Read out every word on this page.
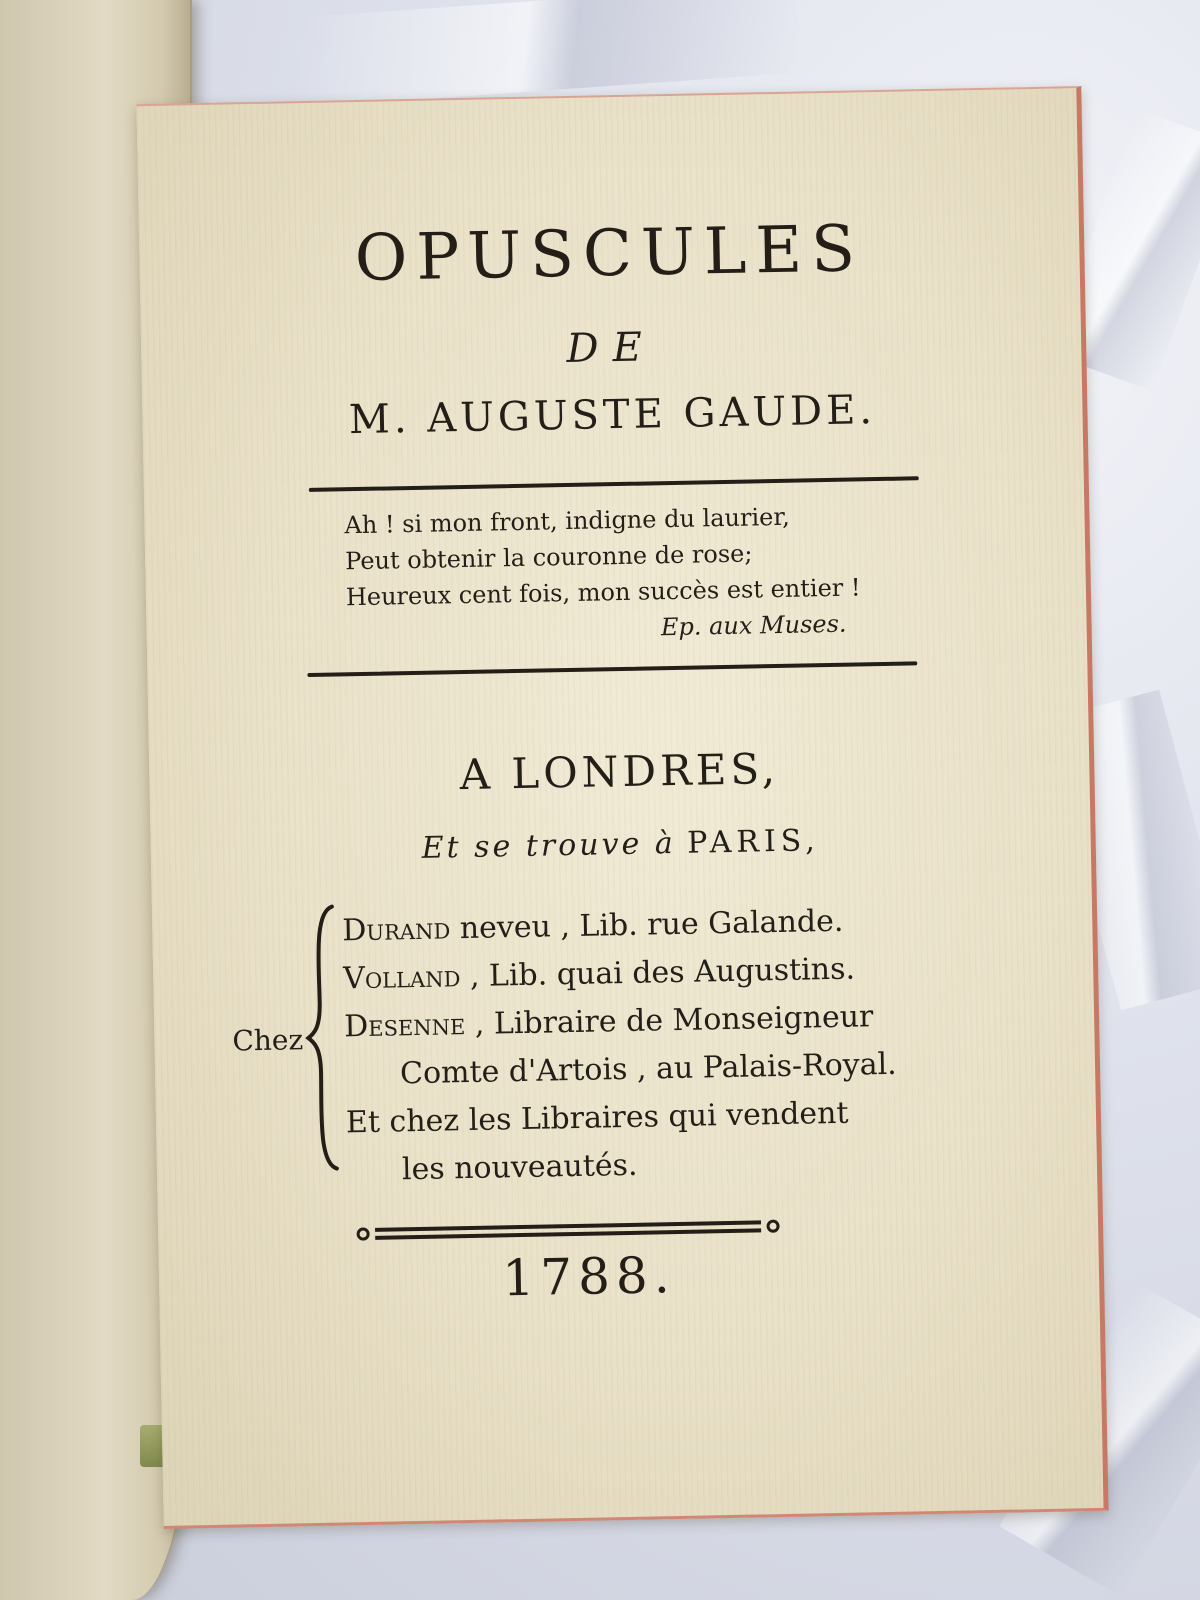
OPUSCULES
DE
M. AUGUSTE GAUDE.
Ah ! si mon front, indigne du laurier,
Peut obtenir la couronne de rose;
Heureux cent fois, mon succès est entier !
Ep. aux Muses.
A LONDRES,
Et se trouve à PARIS,
Chez
Durand neveu , Lib. rue Galande.
Volland , Lib. quai des Augustins.
Desenne , Libraire de Monseigneur
Comte d'Artois , au Palais-Royal.
Et chez les Libraires qui vendent
les nouveautés.
1788.
